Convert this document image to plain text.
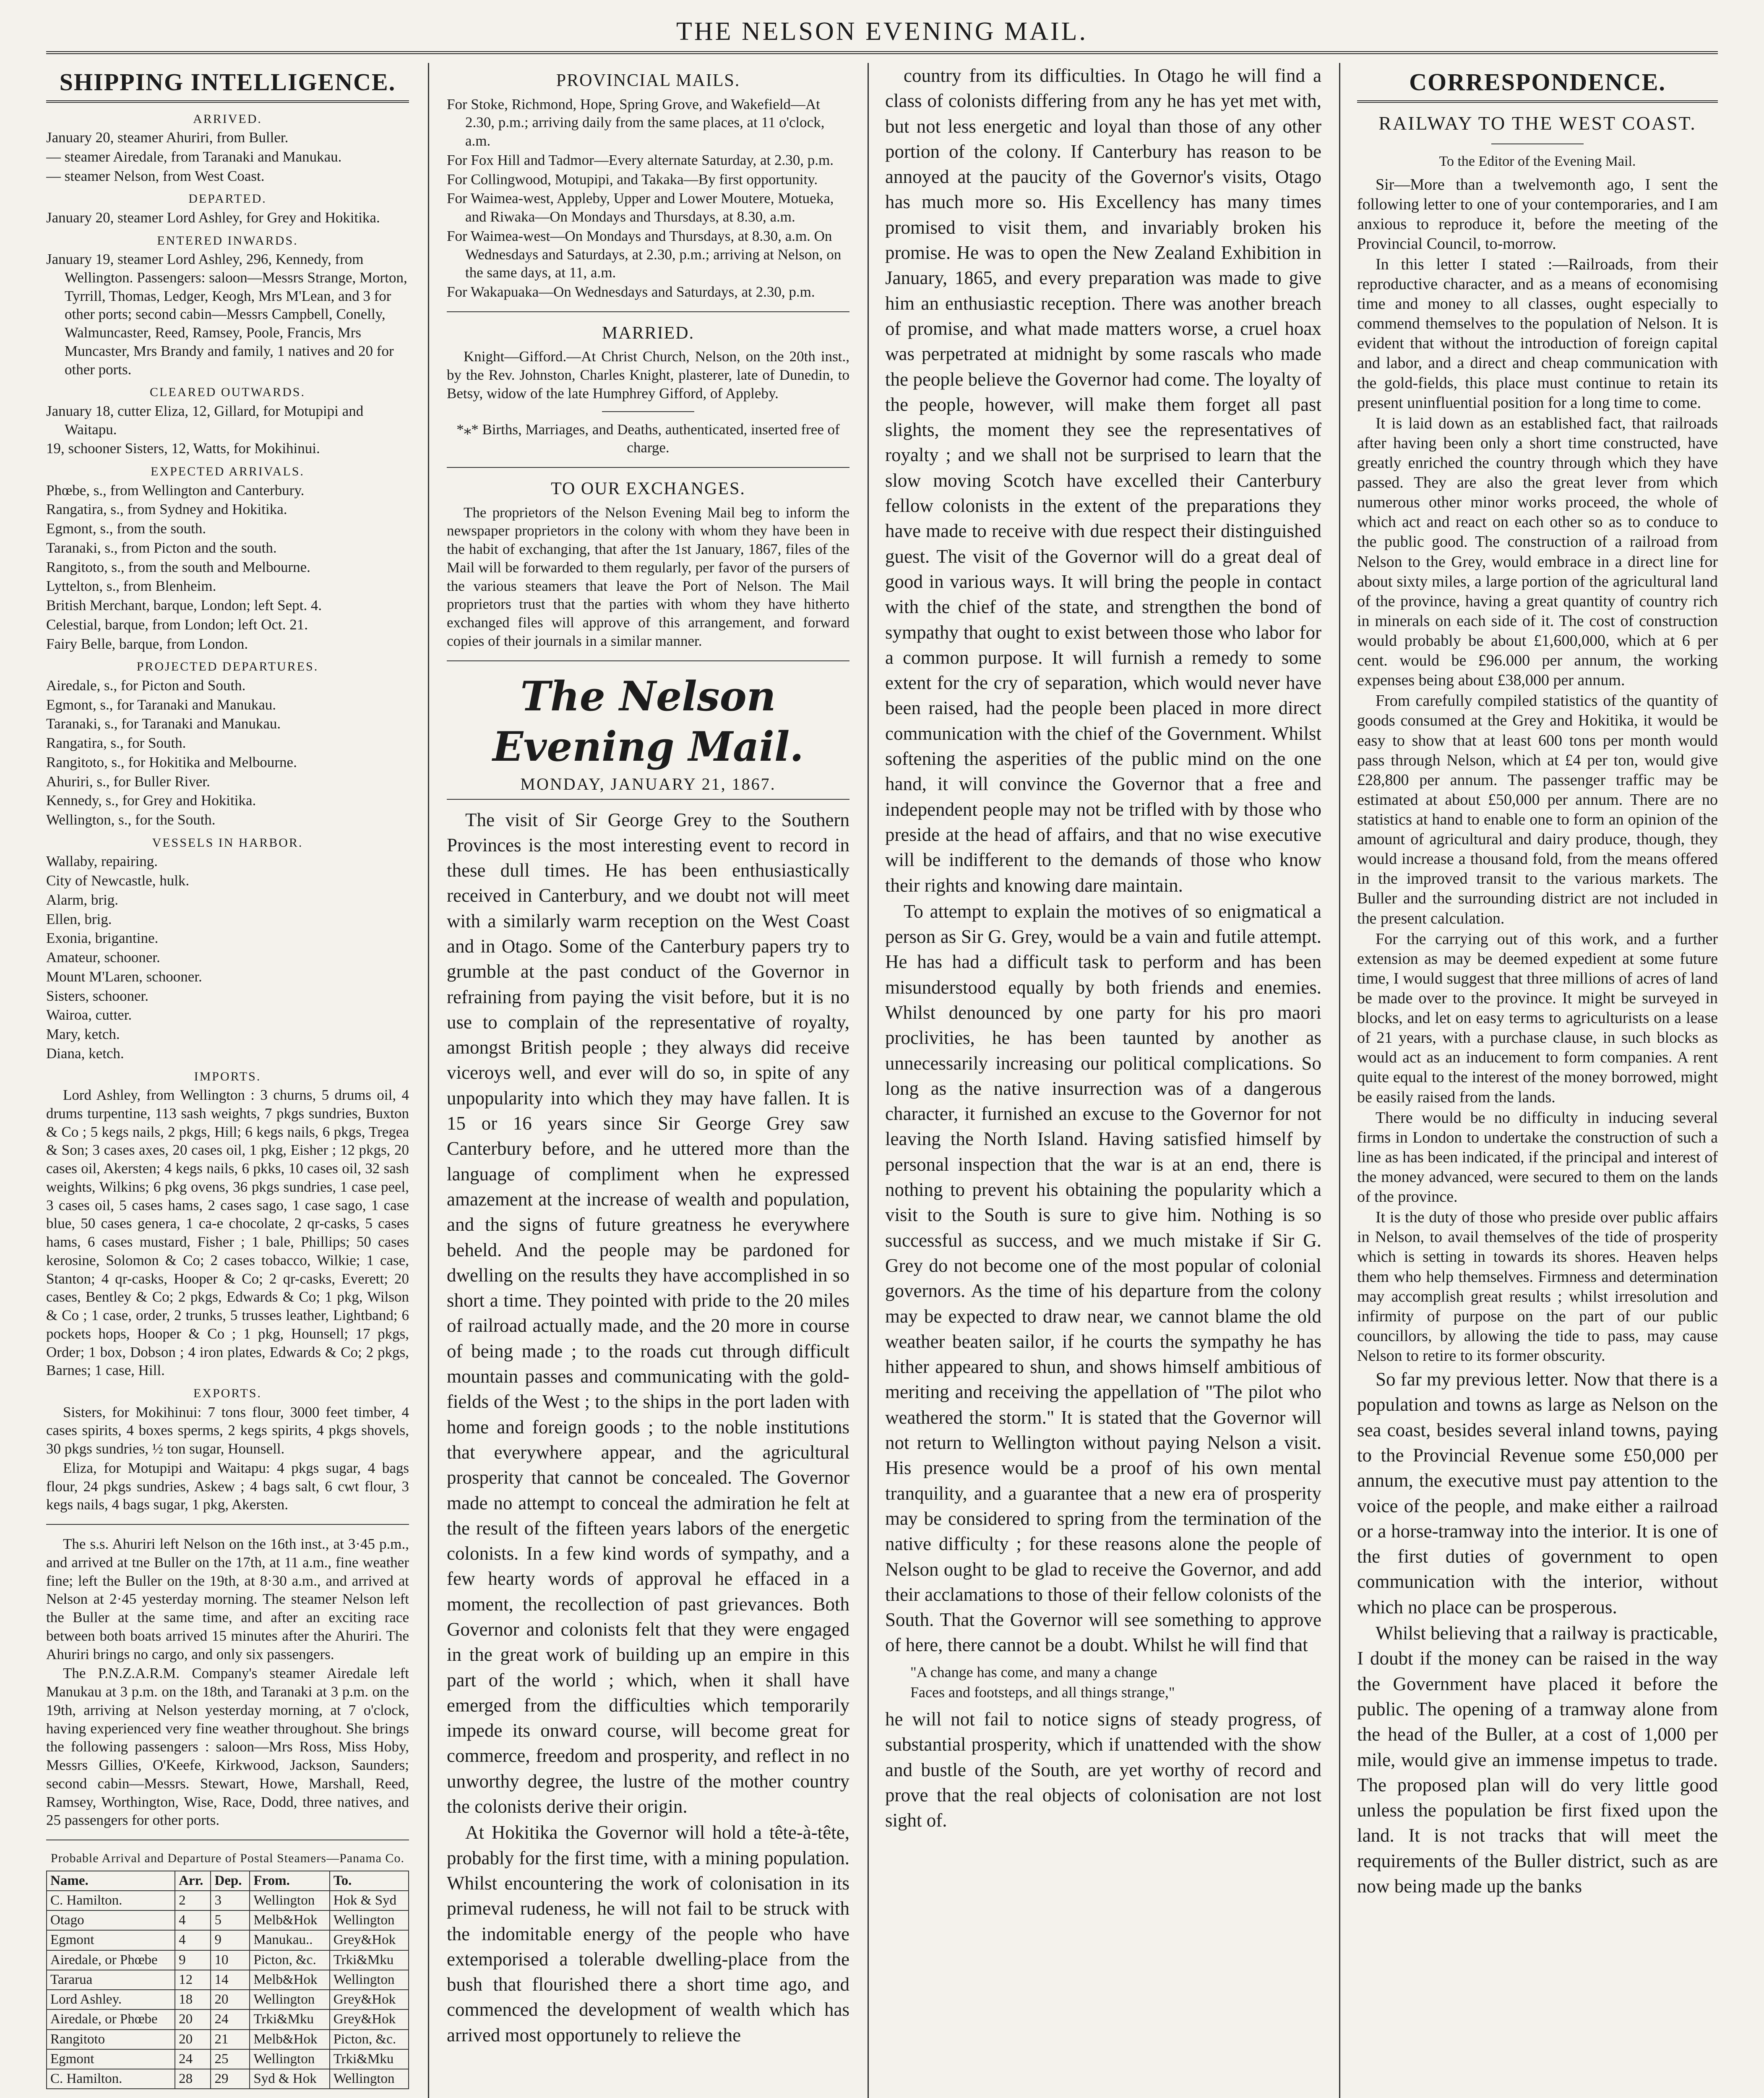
THE NELSON EVENING MAIL.
SHIPPING INTELLIGENCE.
ARRIVED.
January 20, steamer Ahuriri, from Buller.
— steamer Airedale, from Taranaki and Manukau.
— steamer Nelson, from West Coast.
DEPARTED.
January 20, steamer Lord Ashley, for Grey and Hokitika.
ENTERED INWARDS.
January 19, steamer Lord Ashley, 296, Kennedy, from Wellington. Passengers: saloon—Messrs Strange, Morton, Tyrrill, Thomas, Ledger, Keogh, Mrs M'Lean, and 3 for other ports; second cabin—Messrs Campbell, Conelly, Walmuncaster, Reed, Ramsey, Poole, Francis, Mrs Muncaster, Mrs Brandy and family, 1 natives and 20 for other ports.
CLEARED OUTWARDS.
January 18, cutter Eliza, 12, Gillard, for Motupipi and Waitapu.
19, schooner Sisters, 12, Watts, for Mokihinui.
EXPECTED ARRIVALS.
Phœbe, s., from Wellington and Canterbury.
Rangatira, s., from Sydney and Hokitika.
Egmont, s., from the south.
Taranaki, s., from Picton and the south.
Rangitoto, s., from the south and Melbourne.
Lyttelton, s., from Blenheim.
British Merchant, barque, London; left Sept. 4.
Celestial, barque, from London; left Oct. 21.
Fairy Belle, barque, from London.
PROJECTED DEPARTURES.
Airedale, s., for Picton and South.
Egmont, s., for Taranaki and Manukau.
Taranaki, s., for Taranaki and Manukau.
Rangatira, s., for South.
Rangitoto, s., for Hokitika and Melbourne.
Ahuriri, s., for Buller River.
Kennedy, s., for Grey and Hokitika.
Wellington, s., for the South.
VESSELS IN HARBOR.
Wallaby, repairing.
City of Newcastle, hulk.
Alarm, brig.
Ellen, brig.
Exonia, brigantine.
Amateur, schooner.
Mount M'Laren, schooner.
Sisters, schooner.
Wairoa, cutter.
Mary, ketch.
Diana, ketch.
IMPORTS.
Lord Ashley, from Wellington : 3 churns, 5 drums oil, 4 drums turpentine, 113 sash weights, 7 pkgs sundries, Buxton & Co ; 5 kegs nails, 2 pkgs, Hill; 6 kegs nails, 6 pkgs, Tregea & Son; 3 cases axes, 20 cases oil, 1 pkg, Eisher ; 12 pkgs, 20 cases oil, Akersten; 4 kegs nails, 6 pkks, 10 cases oil, 32 sash weights, Wilkins; 6 pkg ovens, 36 pkgs sundries, 1 case peel, 3 cases oil, 5 cases hams, 2 cases sago, 1 case sago, 1 case blue, 50 cases genera, 1 ca-e chocolate, 2 qr-casks, 5 cases hams, 6 cases mustard, Fisher ; 1 bale, Phillips; 50 cases kerosine, Solomon & Co; 2 cases tobacco, Wilkie; 1 case, Stanton; 4 qr-casks, Hooper & Co; 2 qr-casks, Everett; 20 cases, Bentley & Co; 2 pkgs, Edwards & Co; 1 pkg, Wilson & Co ; 1 case, order, 2 trunks, 5 trusses leather, Lightband; 6 pockets hops, Hooper & Co ; 1 pkg, Hounsell; 17 pkgs, Order; 1 box, Dobson ; 4 iron plates, Edwards & Co; 2 pkgs, Barnes; 1 case, Hill.
EXPORTS.
Sisters, for Mokihinui: 7 tons flour, 3000 feet timber, 4 cases spirits, 4 boxes sperms, 2 kegs spirits, 4 pkgs shovels, 30 pkgs sundries, ½ ton sugar, Hounsell.
Eliza, for Motupipi and Waitapu: 4 pkgs sugar, 4 bags flour, 24 pkgs sundries, Askew ; 4 bags salt, 6 cwt flour, 3 kegs nails, 4 bags sugar, 1 pkg, Akersten.
The s.s. Ahuriri left Nelson on the 16th inst., at 3·45 p.m., and arrived at tne Buller on the 17th, at 11 a.m., fine weather fine; left the Buller on the 19th, at 8·30 a.m., and arrived at Nelson at 2·45 yesterday morning. The steamer Nelson left the Buller at the same time, and after an exciting race between both boats arrived 15 minutes after the Ahuriri. The Ahuriri brings no cargo, and only six passengers.
The P.N.Z.A.R.M. Company's steamer Airedale left Manukau at 3 p.m. on the 18th, and Taranaki at 3 p.m. on the 19th, arriving at Nelson yesterday morning, at 7 o'clock, having experienced very fine weather throughout. She brings the following passengers : saloon—Mrs Ross, Miss Hoby, Messrs Gillies, O'Keefe, Kirkwood, Jackson, Saunders; second cabin—Messrs. Stewart, Howe, Marshall, Reed, Ramsey, Worthington, Wise, Race, Dodd, three natives, and 25 passengers for other ports.
Probable Arrival and Departure of Postal Steamers—Panama Co.
Name.	Arr.	Dep.	From.	To.
C. Hamilton.	2	3	Wellington	Hok & Syd
Otago	4	5	Melb&Hok	Wellington
Egmont	4	9	Manukau..	Grey&Hok
Airedale, or Phœbe	9	10	Picton, &c.	Trki&Mku
Tararua	12	14	Melb&Hok	Wellington
Lord Ashley.	18	20	Wellington	Grey&Hok
Airedale, or Phœbe	20	24	Trki&Mku	Grey&Hok
Rangitoto	20	21	Melb&Hok	Picton, &c.
Egmont	24	25	Wellington	Trki&Mku
C. Hamilton.	28	29	Syd & Hok	Wellington
PROVINCIAL MAILS.
For Stoke, Richmond, Hope, Spring Grove, and Wakefield—At 2.30, p.m.; arriving daily from the same places, at 11 o'clock, a.m.
For Fox Hill and Tadmor—Every alternate Saturday, at 2.30, p.m.
For Collingwood, Motupipi, and Takaka—By first opportunity.
For Waimea-west, Appleby, Upper and Lower Moutere, Motueka, and Riwaka—On Mondays and Thursdays, at 8.30, a.m.
For Waimea-west—On Mondays and Thursdays, at 8.30, a.m. On Wednesdays and Saturdays, at 2.30, p.m.; arriving at Nelson, on the same days, at 11, a.m.
For Wakapuaka—On Wednesdays and Saturdays, at 2.30, p.m.
MARRIED.
Knight—Gifford.—At Christ Church, Nelson, on the 20th inst., by the Rev. Johnston, Charles Knight, plasterer, late of Dunedin, to Betsy, widow of the late Humphrey Gifford, of Appleby.
*⁎* Births, Marriages, and Deaths, authenticated, inserted free of charge.
TO OUR EXCHANGES.
The proprietors of the Nelson Evening Mail beg to inform the newspaper proprietors in the colony with whom they have been in the habit of exchanging, that after the 1st January, 1867, files of the Mail will be forwarded to them regularly, per favor of the pursers of the various steamers that leave the Port of Nelson. The Mail proprietors trust that the parties with whom they have hitherto exchanged files will approve of this arrangement, and forward copies of their journals in a similar manner.
The Nelson Evening Mail.
MONDAY, JANUARY 21, 1867.
The visit of Sir George Grey to the Southern Provinces is the most interesting event to record in these dull times. He has been enthusiastically received in Canterbury, and we doubt not will meet with a similarly warm reception on the West Coast and in Otago. Some of the Canterbury papers try to grumble at the past conduct of the Governor in refraining from paying the visit before, but it is no use to complain of the representative of royalty, amongst British people ; they always did receive viceroys well, and ever will do so, in spite of any unpopularity into which they may have fallen. It is 15 or 16 years since Sir George Grey saw Canterbury before, and he uttered more than the language of compliment when he expressed amazement at the increase of wealth and population, and the signs of future greatness he everywhere beheld. And the people may be pardoned for dwelling on the results they have accomplished in so short a time. They pointed with pride to the 20 miles of railroad actually made, and the 20 more in course of being made ; to the roads cut through difficult mountain passes and communicating with the gold-fields of the West ; to the ships in the port laden with home and foreign goods ; to the noble institutions that everywhere appear, and the agricultural prosperity that cannot be concealed. The Governor made no attempt to conceal the admiration he felt at the result of the fifteen years labors of the energetic colonists. In a few kind words of sympathy, and a few hearty words of approval he effaced in a moment, the recollection of past grievances. Both Governor and colonists felt that they were engaged in the great work of building up an empire in this part of the world ; which, when it shall have emerged from the difficulties which temporarily impede its onward course, will become great for commerce, freedom and prosperity, and reflect in no unworthy degree, the lustre of the mother country the colonists derive their origin.
At Hokitika the Governor will hold a tête-à-tête, probably for the first time, with a mining population. Whilst encountering the work of colonisation in its primeval rudeness, he will not fail to be struck with the indomitable energy of the people who have extemporised a tolerable dwelling-place from the bush that flourished there a short time ago, and commenced the development of wealth which has arrived most opportunely to relieve the
country from its difficulties. In Otago he will find a class of colonists differing from any he has yet met with, but not less energetic and loyal than those of any other portion of the colony. If Canterbury has reason to be annoyed at the paucity of the Governor's visits, Otago has much more so. His Excellency has many times promised to visit them, and invariably broken his promise. He was to open the New Zealand Exhibition in January, 1865, and every preparation was made to give him an enthusiastic reception. There was another breach of promise, and what made matters worse, a cruel hoax was perpetrated at midnight by some rascals who made the people believe the Governor had come. The loyalty of the people, however, will make them forget all past slights, the moment they see the representatives of royalty ; and we shall not be surprised to learn that the slow moving Scotch have excelled their Canterbury fellow colonists in the extent of the preparations they have made to receive with due respect their distinguished guest. The visit of the Governor will do a great deal of good in various ways. It will bring the people in contact with the chief of the state, and strengthen the bond of sympathy that ought to exist between those who labor for a common purpose. It will furnish a remedy to some extent for the cry of separation, which would never have been raised, had the people been placed in more direct communication with the chief of the Government. Whilst softening the asperities of the public mind on the one hand, it will convince the Governor that a free and independent people may not be trifled with by those who preside at the head of affairs, and that no wise executive will be indifferent to the demands of those who know their rights and knowing dare maintain.
To attempt to explain the motives of so enigmatical a person as Sir G. Grey, would be a vain and futile attempt. He has had a difficult task to perform and has been misunderstood equally by both friends and enemies. Whilst denounced by one party for his pro maori proclivities, he has been taunted by another as unnecessarily increasing our political complications. So long as the native insurrection was of a dangerous character, it furnished an excuse to the Governor for not leaving the North Island. Having satisfied himself by personal inspection that the war is at an end, there is nothing to prevent his obtaining the popularity which a visit to the South is sure to give him. Nothing is so successful as success, and we much mistake if Sir G. Grey do not become one of the most popular of colonial governors. As the time of his departure from the colony may be expected to draw near, we cannot blame the old weather beaten sailor, if he courts the sympathy he has hither appeared to shun, and shows himself ambitious of meriting and receiving the appellation of "The pilot who weathered the storm." It is stated that the Governor will not return to Wellington without paying Nelson a visit. His presence would be a proof of his own mental tranquility, and a guarantee that a new era of prosperity may be considered to spring from the termination of the native difficulty ; for these reasons alone the people of Nelson ought to be glad to receive the Governor, and add their acclamations to those of their fellow colonists of the South. That the Governor will see something to approve of here, there cannot be a doubt. Whilst he will find that
"A change has come, and many a change
Faces and footsteps, and all things strange,"
he will not fail to notice signs of steady progress, of substantial prosperity, which if unattended with the show and bustle of the South, are yet worthy of record and prove that the real objects of colonisation are not lost sight of.
CORRESPONDENCE.
RAILWAY TO THE WEST COAST.
To the Editor of the Evening Mail.
Sir—More than a twelvemonth ago, I sent the following letter to one of your contemporaries, and I am anxious to reproduce it, before the meeting of the Provincial Council, to-morrow.
In this letter I stated :—Railroads, from their reproductive character, and as a means of economising time and money to all classes, ought especially to commend themselves to the population of Nelson. It is evident that without the introduction of foreign capital and labor, and a direct and cheap communication with the gold-fields, this place must continue to retain its present uninfluential position for a long time to come.
It is laid down as an established fact, that railroads after having been only a short time constructed, have greatly enriched the country through which they have passed. They are also the great lever from which numerous other minor works proceed, the whole of which act and react on each other so as to conduce to the public good. The construction of a railroad from Nelson to the Grey, would embrace in a direct line for about sixty miles, a large portion of the agricultural land of the province, having a great quantity of country rich in minerals on each side of it. The cost of construction would probably be about £1,600,000, which at 6 per cent. would be £96.000 per annum, the working expenses being about £38,000 per annum.
From carefully compiled statistics of the quantity of goods consumed at the Grey and Hokitika, it would be easy to show that at least 600 tons per month would pass through Nelson, which at £4 per ton, would give £28,800 per annum. The passenger traffic may be estimated at about £50,000 per annum. There are no statistics at hand to enable one to form an opinion of the amount of agricultural and dairy produce, though, they would increase a thousand fold, from the means offered in the improved transit to the various markets. The Buller and the surrounding district are not included in the present calculation.
For the carrying out of this work, and a further extension as may be deemed expedient at some future time, I would suggest that three millions of acres of land be made over to the province. It might be surveyed in blocks, and let on easy terms to agriculturists on a lease of 21 years, with a purchase clause, in such blocks as would act as an inducement to form companies. A rent quite equal to the interest of the money borrowed, might be easily raised from the lands.
There would be no difficulty in inducing several firms in London to undertake the construction of such a line as has been indicated, if the principal and interest of the money advanced, were secured to them on the lands of the province.
It is the duty of those who preside over public affairs in Nelson, to avail themselves of the tide of prosperity which is setting in towards its shores. Heaven helps them who help themselves. Firmness and determination may accomplish great results ; whilst irresolution and infirmity of purpose on the part of our public councillors, by allowing the tide to pass, may cause Nelson to retire to its former obscurity.
So far my previous letter. Now that there is a population and towns as large as Nelson on the sea coast, besides several inland towns, paying to the Provincial Revenue some £50,000 per annum, the executive must pay attention to the voice of the people, and make either a railroad or a horse-tramway into the interior. It is one of the first duties of government to open communication with the interior, without which no place can be prosperous.
Whilst believing that a railway is practicable, I doubt if the money can be raised in the way the Government have placed it before the public. The opening of a tramway alone from the head of the Buller, at a cost of 1,000 per mile, would give an immense impetus to trade. The proposed plan will do very little good unless the population be first fixed upon the land. It is not tracks that will meet the requirements of the Buller district, such as are now being made up the banks
